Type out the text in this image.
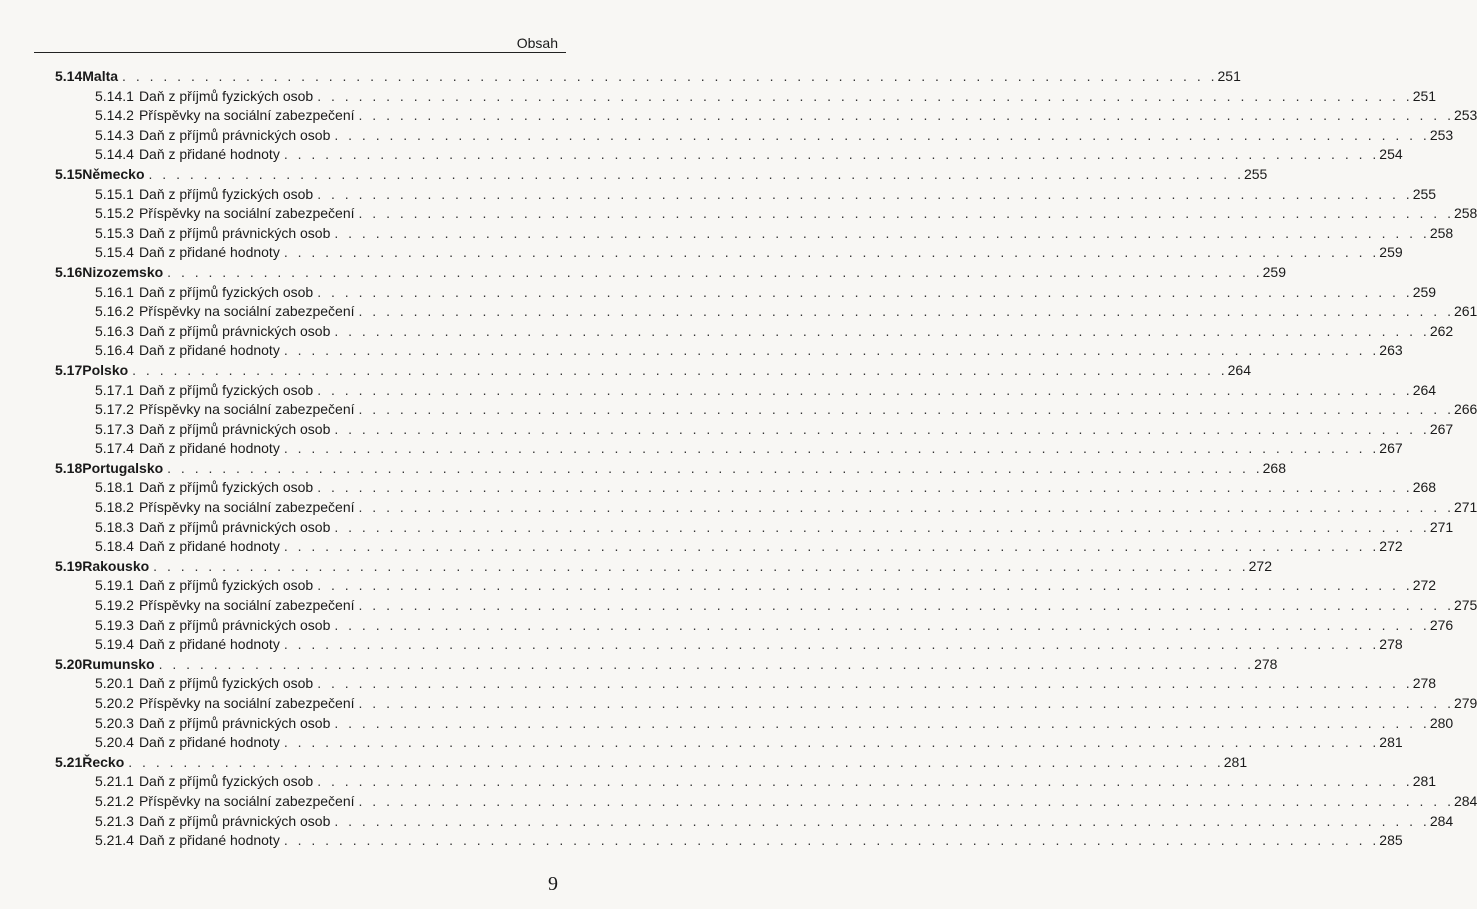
Obsah
5.14 Malta . . . . . . . . . . . . . . . . . . . . . . . . . . . . . . . . . . . . . . . . . . . . . . . . . . . . . . . . . . . . . . . . . . . . . . . . . . . . . . . . 251
5.14.1 Daň z příjmů fyzických osob . . . . . . . . . . . . . . . . . . . . . . . . . . . . . . . . . . . . . . . . . . . . . . . . . . . . . . . . . . . . . . . . . . . . . . . . . . . . . . . . 251
5.14.2 Příspěvky na sociální zabezpečení . . . . . . . . . . . . . . . . . . . . . . . . . . . . . . . . . . . . . . . . . . . . . . . . . . . . . . . . . . . . . . . . . . . . . . . . . . . . . . . . 253
5.14.3 Daň z příjmů právnických osob . . . . . . . . . . . . . . . . . . . . . . . . . . . . . . . . . . . . . . . . . . . . . . . . . . . . . . . . . . . . . . . . . . . . . . . . . . . . . . . . 253
5.14.4 Daň z přidané hodnoty . . . . . . . . . . . . . . . . . . . . . . . . . . . . . . . . . . . . . . . . . . . . . . . . . . . . . . . . . . . . . . . . . . . . . . . . . . . . . . . . 254
5.15 Německo . . . . . . . . . . . . . . . . . . . . . . . . . . . . . . . . . . . . . . . . . . . . . . . . . . . . . . . . . . . . . . . . . . . . . . . . . . . . . . . . 255
5.15.1 Daň z příjmů fyzických osob . . . . . . . . . . . . . . . . . . . . . . . . . . . . . . . . . . . . . . . . . . . . . . . . . . . . . . . . . . . . . . . . . . . . . . . . . . . . . . . . 255
5.15.2 Příspěvky na sociální zabezpečení . . . . . . . . . . . . . . . . . . . . . . . . . . . . . . . . . . . . . . . . . . . . . . . . . . . . . . . . . . . . . . . . . . . . . . . . . . . . . . . . 258
5.15.3 Daň z příjmů právnických osob . . . . . . . . . . . . . . . . . . . . . . . . . . . . . . . . . . . . . . . . . . . . . . . . . . . . . . . . . . . . . . . . . . . . . . . . . . . . . . . . 258
5.15.4 Daň z přidané hodnoty . . . . . . . . . . . . . . . . . . . . . . . . . . . . . . . . . . . . . . . . . . . . . . . . . . . . . . . . . . . . . . . . . . . . . . . . . . . . . . . . 259
5.16 Nizozemsko . . . . . . . . . . . . . . . . . . . . . . . . . . . . . . . . . . . . . . . . . . . . . . . . . . . . . . . . . . . . . . . . . . . . . . . . . . . . . . . . 259
5.16.1 Daň z příjmů fyzických osob . . . . . . . . . . . . . . . . . . . . . . . . . . . . . . . . . . . . . . . . . . . . . . . . . . . . . . . . . . . . . . . . . . . . . . . . . . . . . . . . 259
5.16.2 Příspěvky na sociální zabezpečení . . . . . . . . . . . . . . . . . . . . . . . . . . . . . . . . . . . . . . . . . . . . . . . . . . . . . . . . . . . . . . . . . . . . . . . . . . . . . . . . 261
5.16.3 Daň z příjmů právnických osob . . . . . . . . . . . . . . . . . . . . . . . . . . . . . . . . . . . . . . . . . . . . . . . . . . . . . . . . . . . . . . . . . . . . . . . . . . . . . . . . 262
5.16.4 Daň z přidané hodnoty . . . . . . . . . . . . . . . . . . . . . . . . . . . . . . . . . . . . . . . . . . . . . . . . . . . . . . . . . . . . . . . . . . . . . . . . . . . . . . . . 263
5.17 Polsko . . . . . . . . . . . . . . . . . . . . . . . . . . . . . . . . . . . . . . . . . . . . . . . . . . . . . . . . . . . . . . . . . . . . . . . . . . . . . . . . 264
5.17.1 Daň z příjmů fyzických osob . . . . . . . . . . . . . . . . . . . . . . . . . . . . . . . . . . . . . . . . . . . . . . . . . . . . . . . . . . . . . . . . . . . . . . . . . . . . . . . . 264
5.17.2 Příspěvky na sociální zabezpečení . . . . . . . . . . . . . . . . . . . . . . . . . . . . . . . . . . . . . . . . . . . . . . . . . . . . . . . . . . . . . . . . . . . . . . . . . . . . . . . . 266
5.17.3 Daň z příjmů právnických osob . . . . . . . . . . . . . . . . . . . . . . . . . . . . . . . . . . . . . . . . . . . . . . . . . . . . . . . . . . . . . . . . . . . . . . . . . . . . . . . . 267
5.17.4 Daň z přidané hodnoty . . . . . . . . . . . . . . . . . . . . . . . . . . . . . . . . . . . . . . . . . . . . . . . . . . . . . . . . . . . . . . . . . . . . . . . . . . . . . . . . 267
5.18 Portugalsko . . . . . . . . . . . . . . . . . . . . . . . . . . . . . . . . . . . . . . . . . . . . . . . . . . . . . . . . . . . . . . . . . . . . . . . . . . . . . . . . 268
5.18.1 Daň z příjmů fyzických osob . . . . . . . . . . . . . . . . . . . . . . . . . . . . . . . . . . . . . . . . . . . . . . . . . . . . . . . . . . . . . . . . . . . . . . . . . . . . . . . . 268
5.18.2 Příspěvky na sociální zabezpečení . . . . . . . . . . . . . . . . . . . . . . . . . . . . . . . . . . . . . . . . . . . . . . . . . . . . . . . . . . . . . . . . . . . . . . . . . . . . . . . . 271
5.18.3 Daň z příjmů právnických osob . . . . . . . . . . . . . . . . . . . . . . . . . . . . . . . . . . . . . . . . . . . . . . . . . . . . . . . . . . . . . . . . . . . . . . . . . . . . . . . . 271
5.18.4 Daň z přidané hodnoty . . . . . . . . . . . . . . . . . . . . . . . . . . . . . . . . . . . . . . . . . . . . . . . . . . . . . . . . . . . . . . . . . . . . . . . . . . . . . . . . 272
5.19 Rakousko . . . . . . . . . . . . . . . . . . . . . . . . . . . . . . . . . . . . . . . . . . . . . . . . . . . . . . . . . . . . . . . . . . . . . . . . . . . . . . . . 272
5.19.1 Daň z příjmů fyzických osob . . . . . . . . . . . . . . . . . . . . . . . . . . . . . . . . . . . . . . . . . . . . . . . . . . . . . . . . . . . . . . . . . . . . . . . . . . . . . . . . 272
5.19.2 Příspěvky na sociální zabezpečení . . . . . . . . . . . . . . . . . . . . . . . . . . . . . . . . . . . . . . . . . . . . . . . . . . . . . . . . . . . . . . . . . . . . . . . . . . . . . . . . 275
5.19.3 Daň z příjmů právnických osob . . . . . . . . . . . . . . . . . . . . . . . . . . . . . . . . . . . . . . . . . . . . . . . . . . . . . . . . . . . . . . . . . . . . . . . . . . . . . . . . 276
5.19.4 Daň z přidané hodnoty . . . . . . . . . . . . . . . . . . . . . . . . . . . . . . . . . . . . . . . . . . . . . . . . . . . . . . . . . . . . . . . . . . . . . . . . . . . . . . . . 278
5.20 Rumunsko . . . . . . . . . . . . . . . . . . . . . . . . . . . . . . . . . . . . . . . . . . . . . . . . . . . . . . . . . . . . . . . . . . . . . . . . . . . . . . . . 278
5.20.1 Daň z příjmů fyzických osob . . . . . . . . . . . . . . . . . . . . . . . . . . . . . . . . . . . . . . . . . . . . . . . . . . . . . . . . . . . . . . . . . . . . . . . . . . . . . . . . 278
5.20.2 Příspěvky na sociální zabezpečení . . . . . . . . . . . . . . . . . . . . . . . . . . . . . . . . . . . . . . . . . . . . . . . . . . . . . . . . . . . . . . . . . . . . . . . . . . . . . . . . 279
5.20.3 Daň z příjmů právnických osob . . . . . . . . . . . . . . . . . . . . . . . . . . . . . . . . . . . . . . . . . . . . . . . . . . . . . . . . . . . . . . . . . . . . . . . . . . . . . . . . 280
5.20.4 Daň z přidané hodnoty . . . . . . . . . . . . . . . . . . . . . . . . . . . . . . . . . . . . . . . . . . . . . . . . . . . . . . . . . . . . . . . . . . . . . . . . . . . . . . . . 281
5.21 Řecko . . . . . . . . . . . . . . . . . . . . . . . . . . . . . . . . . . . . . . . . . . . . . . . . . . . . . . . . . . . . . . . . . . . . . . . . . . . . . . . . 281
5.21.1 Daň z příjmů fyzických osob . . . . . . . . . . . . . . . . . . . . . . . . . . . . . . . . . . . . . . . . . . . . . . . . . . . . . . . . . . . . . . . . . . . . . . . . . . . . . . . . 281
5.21.2 Příspěvky na sociální zabezpečení . . . . . . . . . . . . . . . . . . . . . . . . . . . . . . . . . . . . . . . . . . . . . . . . . . . . . . . . . . . . . . . . . . . . . . . . . . . . . . . . 284
5.21.3 Daň z příjmů právnických osob . . . . . . . . . . . . . . . . . . . . . . . . . . . . . . . . . . . . . . . . . . . . . . . . . . . . . . . . . . . . . . . . . . . . . . . . . . . . . . . . 284
5.21.4 Daň z přidané hodnoty . . . . . . . . . . . . . . . . . . . . . . . . . . . . . . . . . . . . . . . . . . . . . . . . . . . . . . . . . . . . . . . . . . . . . . . . . . . . . . . . 285
9
